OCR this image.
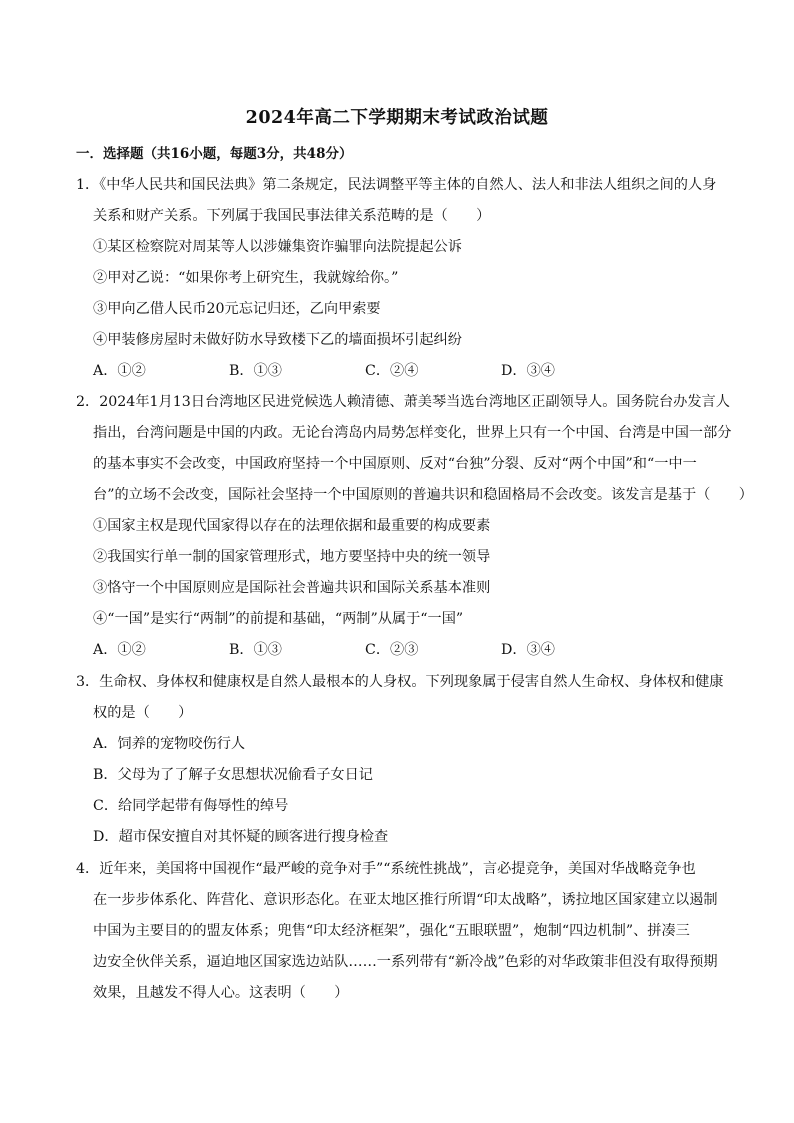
2024年高二下学期期末考试政治试题
一．选择题（共16小题，每题3分，共48分）
1．《中华人民共和国民法典》第二条规定，民法调整平等主体的自然人、法人和非法人组织之间的人身
关系和财产关系。下列属于我国民事法律关系范畴的是（　　）
①某区检察院对周某等人以涉嫌集资诈骗罪向法院提起公诉
②甲对乙说：“如果你考上研究生，我就嫁给你。”
③甲向乙借人民币20元忘记归还，乙向甲索要
④甲装修房屋时未做好防水导致楼下乙的墙面损坏引起纠纷
A．①②	B．①③	C．②④	D．③④
2．2024年1月13日台湾地区民进党候选人赖清德、萧美琴当选台湾地区正副领导人。国务院台办发言人
指出，台湾问题是中国的内政。无论台湾岛内局势怎样变化，世界上只有一个中国、台湾是中国一部分
的基本事实不会改变，中国政府坚持一个中国原则、反对“台独”分裂、反对“两个中国”和“一中一
台”的立场不会改变，国际社会坚持一个中国原则的普遍共识和稳固格局不会改变。该发言是基于（　　）
①国家主权是现代国家得以存在的法理依据和最重要的构成要素
②我国实行单一制的国家管理形式，地方要坚持中央的统一领导
③恪守一个中国原则应是国际社会普遍共识和国际关系基本准则
④“一国”是实行“两制”的前提和基础，“两制”从属于“一国”
A．①②	B．①③	C．②③	D．③④
3．生命权、身体权和健康权是自然人最根本的人身权。下列现象属于侵害自然人生命权、身体权和健康
权的是（　　）
A．饲养的宠物咬伤行人
B．父母为了了解子女思想状况偷看子女日记
C．给同学起带有侮辱性的绰号
D．超市保安擅自对其怀疑的顾客进行搜身检查
4．近年来，美国将中国视作“最严峻的竞争对手”“系统性挑战”，言必提竞争，美国对华战略竞争也
在一步步体系化、阵营化、意识形态化。在亚太地区推行所谓“印太战略”，诱拉地区国家建立以遏制
中国为主要目的的盟友体系；兜售“印太经济框架”，强化“五眼联盟”，炮制“四边机制”、拼凑三
边安全伙伴关系，逼迫地区国家选边站队……一系列带有“新冷战”色彩的对华政策非但没有取得预期
效果，且越发不得人心。这表明（　　）
